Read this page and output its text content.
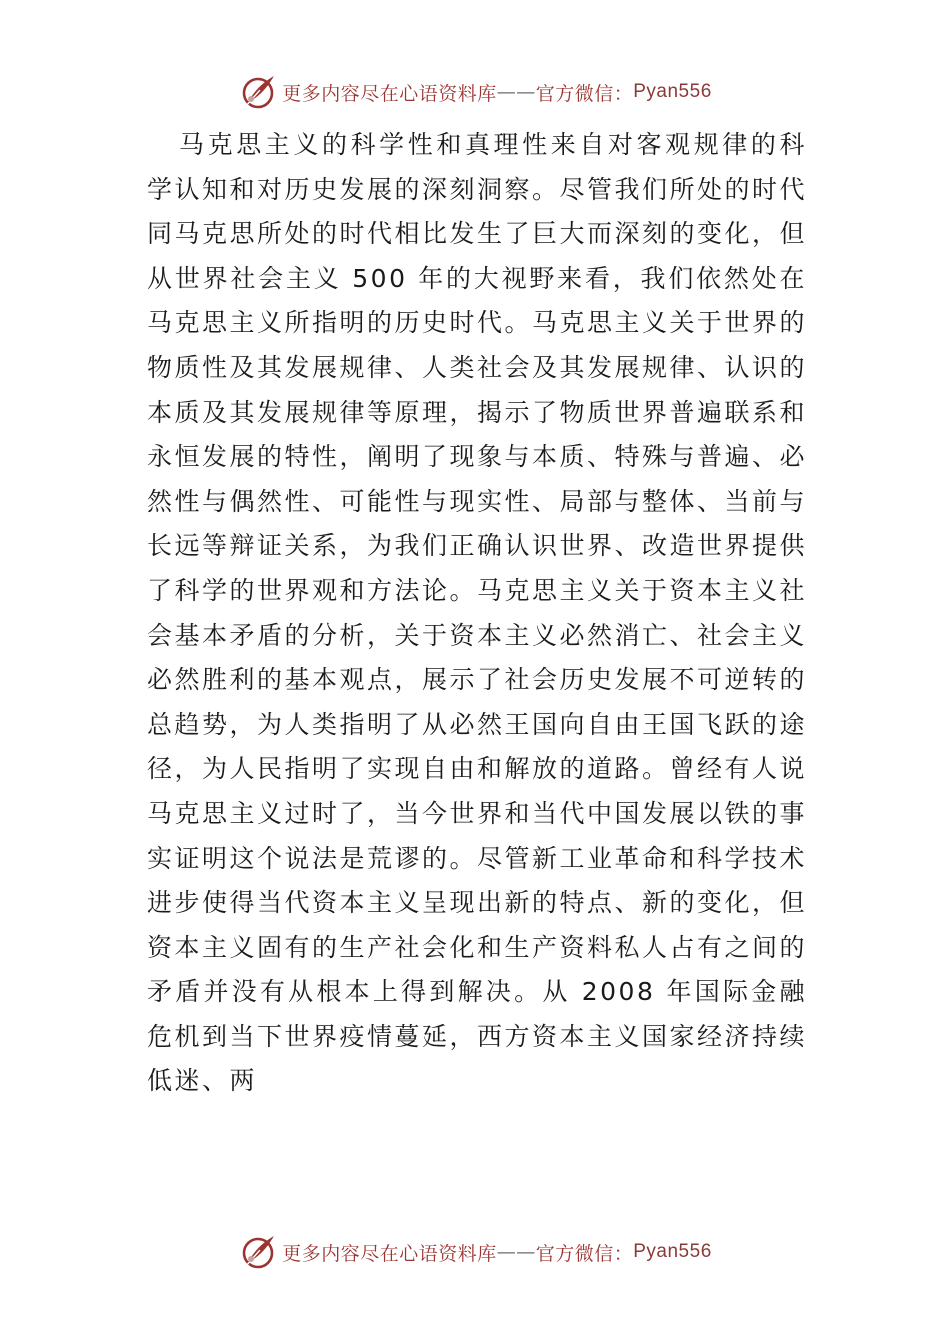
更多内容尽在心语资料库 —— 官方微信： Pyan556
马克思主义的科学性和真理性来自对客观规律的科学认知和对历史发展的深刻洞察。尽管我们所处的时代同马克思所处的时代相比发生了巨大而深刻的变化，但从世界社会主义 500 年的大视野来看，我们依然处在马克思主义所指明的历史时代。马克思主义关于世界的物质性及其发展规律、人类社会及其发展规律、认识的本质及其发展规律等原理，揭示了物质世界普遍联系和永恒发展的特性，阐明了现象与本质、特殊与普遍、必然性与偶然性、可能性与现实性、局部与整体、当前与长远等辩证关系，为我们正确认识世界、改造世界提供了科学的世界观和方法论。马克思主义关于资本主义社会基本矛盾的分析，关于资本主义必然消亡、社会主义必然胜利的基本观点，展示了社会历史发展不可逆转的总趋势，为人类指明了从必然王国向自由王国飞跃的途径，为人民指明了实现自由和解放的道路。曾经有人说马克思主义过时了，当今世界和当代中国发展以铁的事实证明这个说法是荒谬的。尽管新工业革命和科学技术进步使得当代资本主义呈现出新的特点、新的变化，但资本主义固有的生产社会化和生产资料私人占有之间的矛盾并没有从根本上得到解决。从 2008 年国际金融危机到当下世界疫情蔓延，西方资本主义国家经济持续低迷、两
更多内容尽在心语资料库 —— 官方微信： Pyan556
